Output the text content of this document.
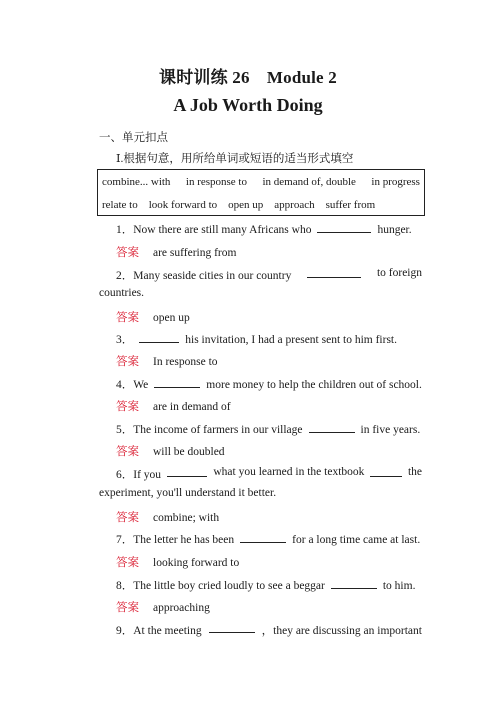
课时训练 26　Module 2
A Job Worth Doing
一、单元扣点
Ⅰ.根据句意，用所给单词或短语的适当形式填空
combine... with in response to in demand of, double in progress
relate to　look forward to　open up　approach　suffer from
1．Now there are still many Africans who	hunger.
答案 are suffering from
2．Many seaside cities in our country	to foreign
countries.
答案 open up
3．	his invitation, I had a present sent to him first.
答案 In response to
4．We	more money to help the children out of school.
答案 are in demand of
5．The income of farmers in our village	in five years.
答案 will be doubled
6．If you	what you learned in the textbook	the
experiment, you'll understand it better.
答案 combine; with
7．The letter he has been	for a long time came at last.
答案 looking forward to
8．The little boy cried loudly to see a beggar	to him.
答案 approaching
9．At the meeting	，they are discussing an important
